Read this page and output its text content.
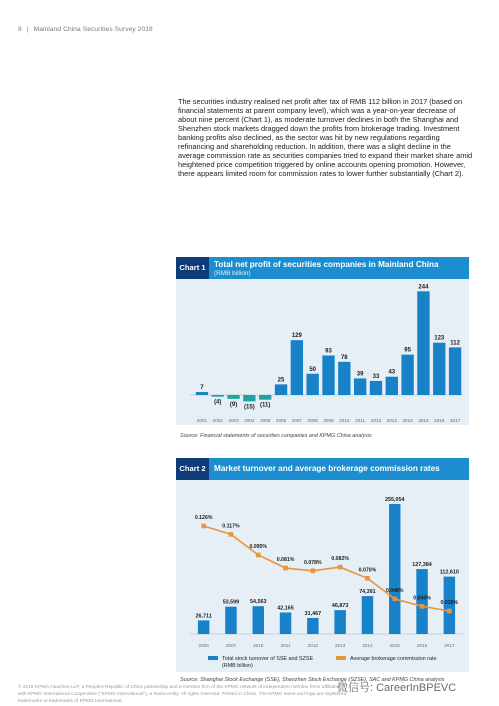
8 | Mainland China Securities Survey 2018

The securities industry realised net profit after tax of RMB 112 billion in 2017 (based on financial statements at parent company level), which was a year-on-year decrease of about nine percent (Chart 1), as moderate turnover declines in both the Shanghai and Shenzhen stock markets dragged down the profits from brokerage trading. Investment banking profits also declined, as the sector was hit by new regulations regarding refinancing and shareholding reduction. In addition, there was a slight decline in the average commission rate as securities companies tried to expand their market share amid heightened price competition triggered by online accounts opening promotion. However, there appears limited room for commission rates to lower further substantially (Chart 2).

Chart 1	Total net profit of securities companies in Mainland China
(RMB billion)
7
2001
(4)
2002
(9)
2003
(15)
2004
(11)
2005
25
2006
129
2007
50
2008
93
2009
78
2010
39
2011
33
2012
43
2013
95
2014
244
2015
123
2016
112
2017
Source: Financial statements of securities companies and KPMG China analysis
Chart 2	Market turnover and average brokerage commission rates
26,711
2006
53,599
2007
54,563
2010
42,165
2011
31,467
2012
46,873
2013
74,391
2014
255,054
2015
127,384
2016
112,610
2017
0.126%
0.117%
0.095%
0.081% 0.078%
0.082%
0.070%
0.048%
0.040%
0.035%
Total stock turnover of SSE and SZSE
(RMB billion)
Average brokerage commission rate
Source: Shanghai Stock Exchange (SSE), Shenzhen Stock Exchange (SZSE), SAC and KPMG China analysis
© 2018 KPMG Huazhen LLP, a People's Republic of China partnership and a member firm of the KPMG network of independent member firms affiliated with KPMG International Cooperative ("KPMG International"), a Swiss entity. All rights reserved. Printed in China. The KPMG name and logo are registered trademarks or trademarks of KPMG International.
微信号: CareerInBPEVC
